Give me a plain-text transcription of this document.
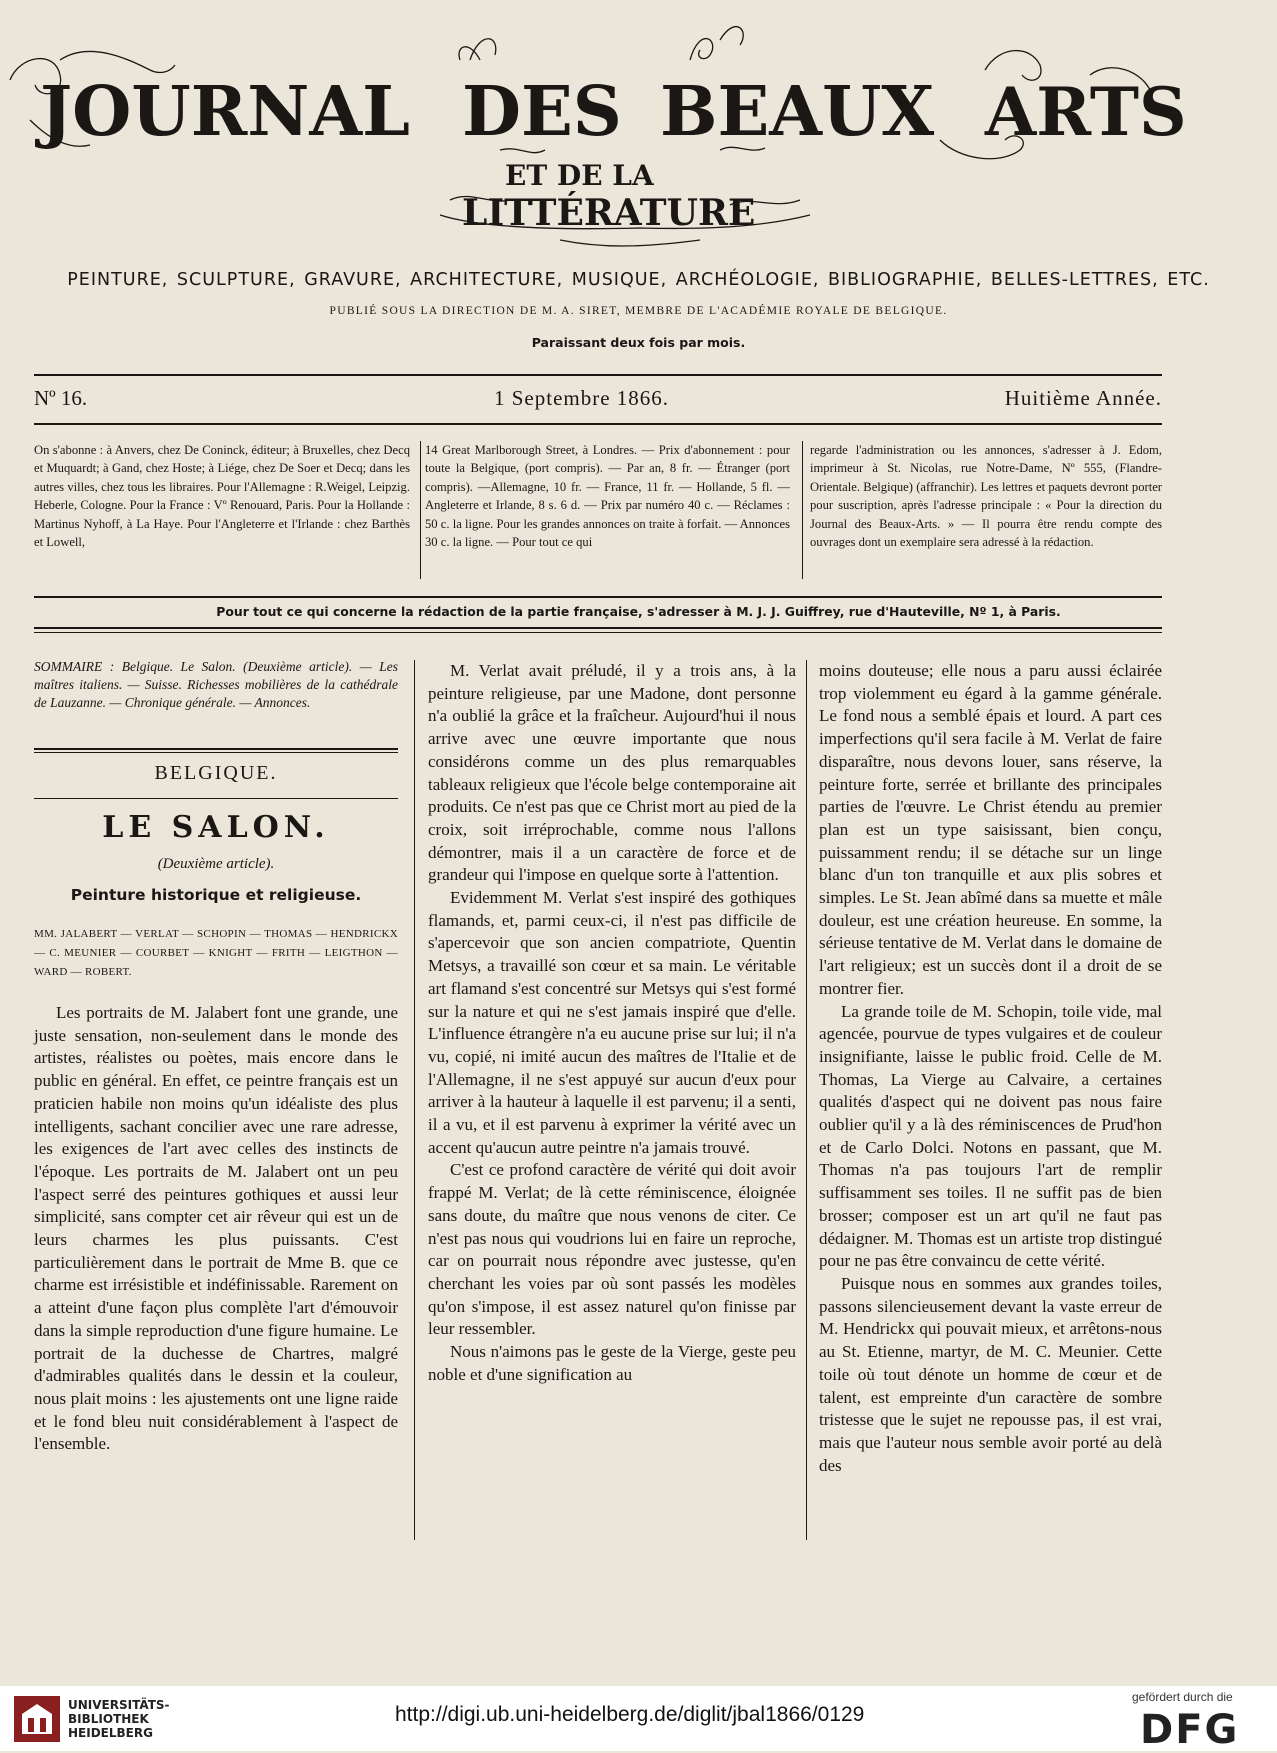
JOURNAL DES BEAUX ARTS
ET DE LA
LITTÉRATURE
PEINTURE, SCULPTURE, GRAVURE, ARCHITECTURE, MUSIQUE, ARCHÉOLOGIE, BIBLIOGRAPHIE, BELLES-LETTRES, ETC.
PUBLIÉ SOUS LA DIRECTION DE M. A. SIRET, MEMBRE DE L'ACADÉMIE ROYALE DE BELGIQUE.
Paraissant deux fois par mois.
Nº 16.	1 Septembre 1866.	Huitième Année.
On s'abonne : à Anvers, chez De Coninck, éditeur; à Bruxelles, chez Decq et Muquardt; à Gand, chez Hoste; à Liége, chez De Soer et Decq; dans les autres villes, chez tous les libraires. Pour l'Allemagne : R.Weigel, Leipzig. Heberle, Cologne. Pour la France : Vº Renouard, Paris. Pour la Hollande : Martinus Nyhoff, à La Haye. Pour l'Angleterre et l'Irlande : chez Barthès et Lowell,
14 Great Marlborough Street, à Londres. — Prix d'abonnement : pour toute la Belgique, (port compris). — Par an, 8 fr. — Étranger (port compris). —Allemagne, 10 fr. — France, 11 fr. — Hollande, 5 fl. —Angleterre et Irlande, 8 s. 6 d. — Prix par numéro 40 c. — Réclames : 50 c. la ligne. Pour les grandes annonces on traite à forfait. — Annonces 30 c. la ligne. — Pour tout ce qui
regarde l'administration ou les annonces, s'adresser à J. Edom, imprimeur à St. Nicolas, rue Notre-Dame, Nº 555, (Flandre-Orientale. Belgique) (affranchir). Les lettres et paquets devront porter pour suscription, après l'adresse principale : « Pour la direction du Journal des Beaux-Arts. » — Il pourra être rendu compte des ouvrages dont un exemplaire sera adressé à la rédaction.
Pour tout ce qui concerne la rédaction de la partie française, s'adresser à M. J. J. Guiffrey, rue d'Hauteville, Nº 1, à Paris.
SOMMAIRE : Belgique. Le Salon. (Deuxième article). — Les maîtres italiens. — Suisse. Richesses mobilières de la cathédrale de Lauzanne. — Chronique générale. — Annonces.
BELGIQUE.
LE SALON.
(Deuxième article).
Peinture historique et religieuse.
MM. JALABERT — VERLAT — SCHOPIN — THOMAS — HENDRICKX — C. MEUNIER — COURBET — KNIGHT — FRITH — LEIGTHON — WARD — ROBERT.

Les portraits de M. Jalabert font une grande, une juste sensation, non-seulement dans le monde des artistes, réalistes ou poètes, mais encore dans le public en général. En effet, ce peintre français est un praticien habile non moins qu'un idéaliste des plus intelligents, sachant concilier avec une rare adresse, les exigences de l'art avec celles des instincts de l'époque. Les portraits de M. Jalabert ont un peu l'aspect serré des peintures gothiques et aussi leur simplicité, sans compter cet air rêveur qui est un de leurs charmes les plus puissants. C'est particulièrement dans le portrait de Mme B. que ce charme est irrésistible et indéfinissable. Rarement on a atteint d'une façon plus complète l'art d'émouvoir dans la simple reproduction d'une figure humaine. Le portrait de la duchesse de Chartres, malgré d'admirables qualités dans le dessin et la couleur, nous plait moins : les ajustements ont une ligne raide et le fond bleu nuit considérablement à l'aspect de l'ensemble.

M. Verlat avait préludé, il y a trois ans, à la peinture religieuse, par une Madone, dont personne n'a oublié la grâce et la fraîcheur. Aujourd'hui il nous arrive avec une œuvre importante que nous considérons comme un des plus remarquables tableaux religieux que l'école belge contemporaine ait produits. Ce n'est pas que ce Christ mort au pied de la croix, soit irréprochable, comme nous l'allons démontrer, mais il a un caractère de force et de grandeur qui l'impose en quelque sorte à l'attention.

Evidemment M. Verlat s'est inspiré des gothiques flamands, et, parmi ceux-ci, il n'est pas difficile de s'apercevoir que son ancien compatriote, Quentin Metsys, a travaillé son cœur et sa main. Le véritable art flamand s'est concentré sur Metsys qui s'est formé sur la nature et qui ne s'est jamais inspiré que d'elle. L'influence étrangère n'a eu aucune prise sur lui; il n'a vu, copié, ni imité aucun des maîtres de l'Italie et de l'Allemagne, il ne s'est appuyé sur aucun d'eux pour arriver à la hauteur à laquelle il est parvenu; il a senti, il a vu, et il est parvenu à exprimer la vérité avec un accent qu'aucun autre peintre n'a jamais trouvé.

C'est ce profond caractère de vérité qui doit avoir frappé M. Verlat; de là cette réminiscence, éloignée sans doute, du maître que nous venons de citer. Ce n'est pas nous qui voudrions lui en faire un reproche, car on pourrait nous répondre avec justesse, qu'en cherchant les voies par où sont passés les modèles qu'on s'impose, il est assez naturel qu'on finisse par leur ressembler.

Nous n'aimons pas le geste de la Vierge, geste peu noble et d'une signification au

moins douteuse; elle nous a paru aussi éclairée trop violemment eu égard à la gamme générale. Le fond nous a semblé épais et lourd. A part ces imperfections qu'il sera facile à M. Verlat de faire disparaître, nous devons louer, sans réserve, la peinture forte, serrée et brillante des principales parties de l'œuvre. Le Christ étendu au premier plan est un type saisissant, bien conçu, puissamment rendu; il se détache sur un linge blanc d'un ton tranquille et aux plis sobres et simples. Le St. Jean abîmé dans sa muette et mâle douleur, est une création heureuse. En somme, la sérieuse tentative de M. Verlat dans le domaine de l'art religieux; est un succès dont il a droit de se montrer fier.

La grande toile de M. Schopin, toile vide, mal agencée, pourvue de types vulgaires et de couleur insignifiante, laisse le public froid. Celle de M. Thomas, La Vierge au Calvaire, a certaines qualités d'aspect qui ne doivent pas nous faire oublier qu'il y a là des réminiscences de Prud'hon et de Carlo Dolci. Notons en passant, que M. Thomas n'a pas toujours l'art de remplir suffisamment ses toiles. Il ne suffit pas de bien brosser; composer est un art qu'il ne faut pas dédaigner. M. Thomas est un artiste trop distingué pour ne pas être convaincu de cette vérité.

Puisque nous en sommes aux grandes toiles, passons silencieusement devant la vaste erreur de M. Hendrickx qui pouvait mieux, et arrêtons-nous au St. Etienne, martyr, de M. C. Meunier. Cette toile où tout dénote un homme de cœur et de talent, est empreinte d'un caractère de sombre tristesse que le sujet ne repousse pas, il est vrai, mais que l'auteur nous semble avoir porté au delà des

UNIVERSITÄTS-
BIBLIOTHEK
HEIDELBERG
http://digi.ub.uni-heidelberg.de/diglit/jbal1866/0129
gefördert durch die
DFG
